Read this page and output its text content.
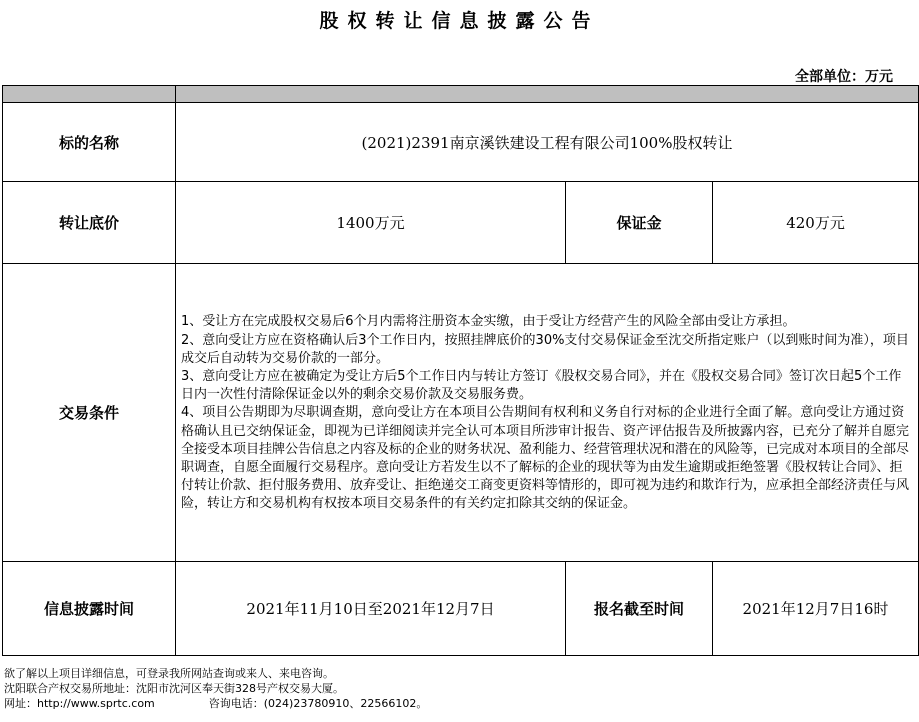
股权转让信息披露公告
全部单位：万元

标的名称	(2021)2391南京溪铁建设工程有限公司100%股权转让		
转让底价	1400万元	保证金	420万元
交易条件	1、受让方在完成股权交易后6个月内需将注册资本金实缴，由于受让方经营产生的风险全部由受让方承担。

2、意向受让方应在资格确认后3个工作日内，按照挂牌底价的30%支付交易保证金至沈交所指定账户（以到账时间为准），项目成交后自动转为交易价款的一部分。

3、意向受让方应在被确定为受让方后5个工作日内与转让方签订《股权交易合同》，并在《股权交易合同》签订次日起5个工作日内一次性付清除保证金以外的剩余交易价款及交易服务费。

4、项目公告期即为尽职调查期，意向受让方在本项目公告期间有权利和义务自行对标的企业进行全面了解。意向受让方通过资格确认且已交纳保证金，即视为已详细阅读并完全认可本项目所涉审计报告、资产评估报告及所披露内容，已充分了解并自愿完全接受本项目挂牌公告信息之内容及标的企业的财务状况、盈利能力、经营管理状况和潜在的风险等，已完成对本项目的全部尽职调查，自愿全面履行交易程序。意向受让方若发生以不了解标的企业的现状等为由发生逾期或拒绝签署《股权转让合同》、拒付转让价款、拒付服务费用、放弃受让、拒绝递交工商变更资料等情形的，即可视为违约和欺诈行为，应承担全部经济责任与风险，转让方和交易机构有权按本项目交易条件的有关约定扣除其交纳的保证金。		

信息披露时间	2021年11月10日至2021年12月7日	报名截至时间	2021年12月7日16时

欲了解以上项目详细信息，可登录我所网站查询或来人、来电咨询。

沈阳联合产权交易所地址：沈阳市沈河区奉天街328号产权交易大厦。

网址：http://www.sprtc.com	咨询电话：(024)23780910、22566102。
